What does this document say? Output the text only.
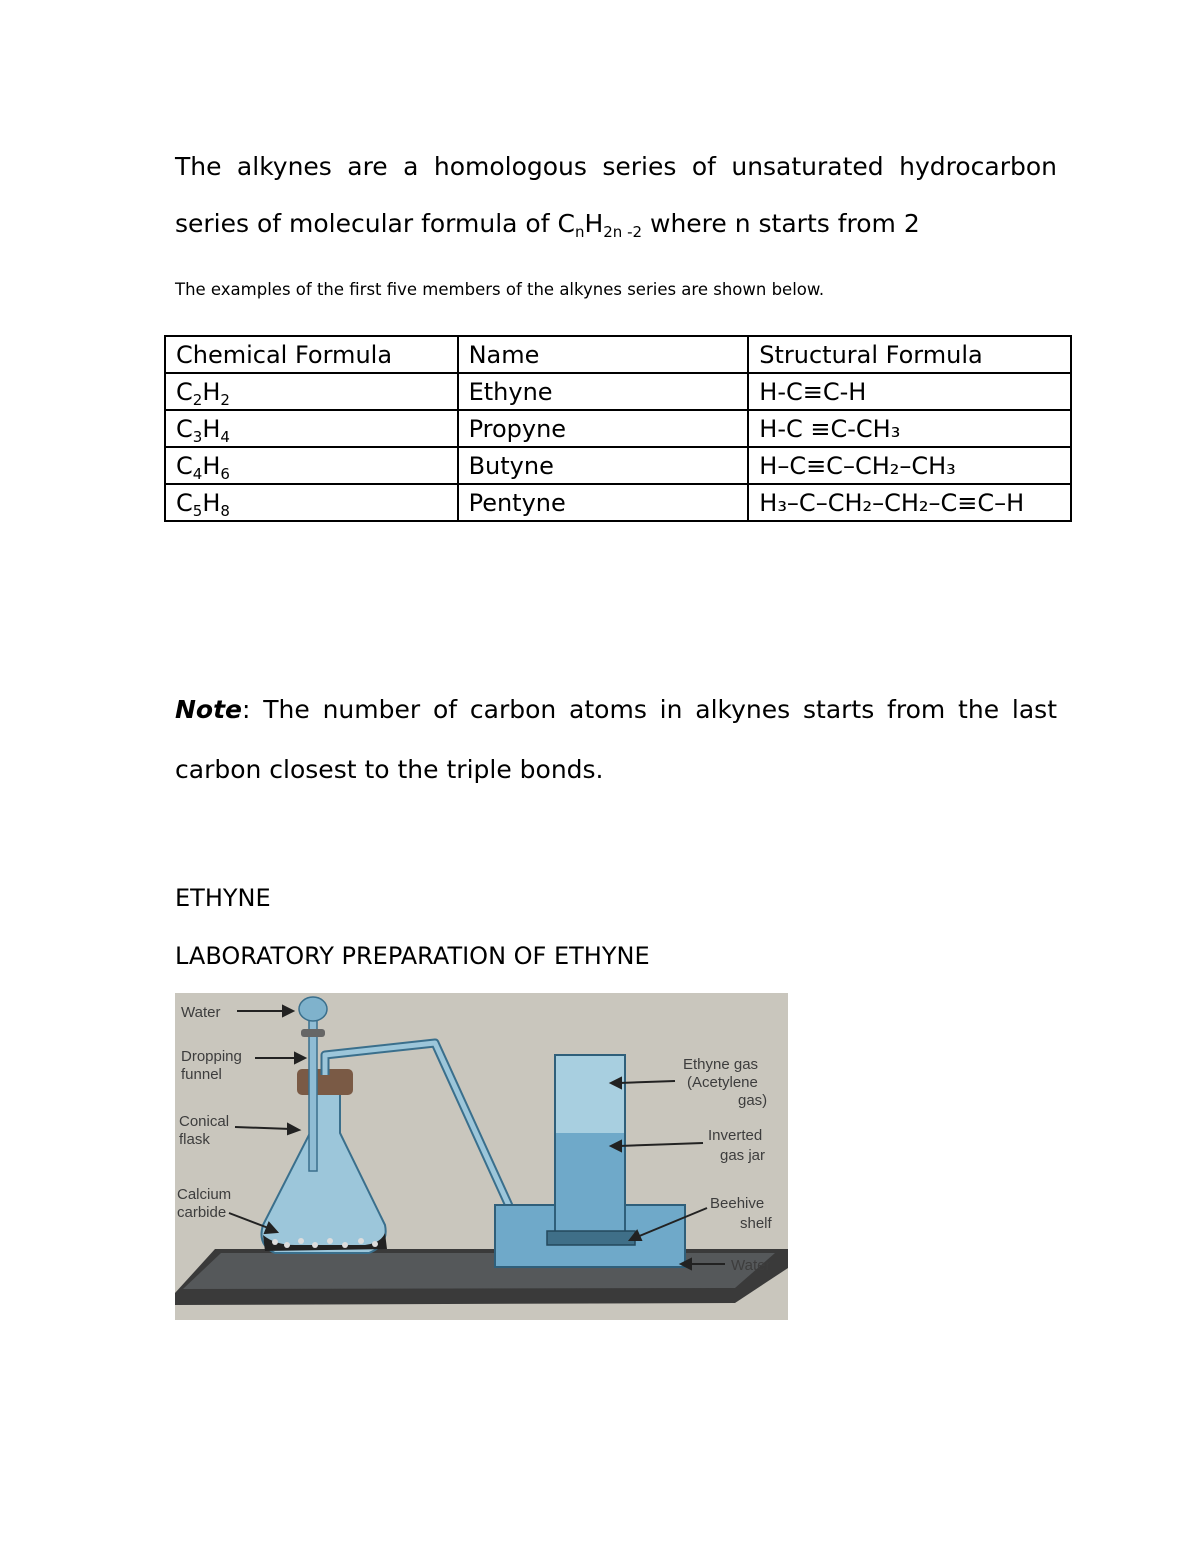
The alkynes are a homologous series of unsaturated hydrocarbon
series of molecular formula of $C_nH_{2n -2}$ where n starts from 2
The examples of the first five members of the alkynes series are shown below.
Chemical Formula	Name	Structural Formula
$C_2H_2$	Ethyne	H-C≡C-H
$C_3H_4$	Propyne	H-C ≡C-CH₃
$C_4H_6$	Butyne	H–C≡C–CH₂–CH₃
$C_5H_8$	Pentyne	H₃–C–CH₂–CH₂–C≡C–H
Note: The number of carbon atoms in alkynes starts from the last
carbon closest to the triple bonds.
ETHYNE
LABORATORY PREPARATION OF ETHYNE
Water
Dropping
funnel
Conical
flask
Calcium
carbide
Ethyne gas
(Acetylene
gas)
Inverted
gas jar
Beehive
shelf
Water
